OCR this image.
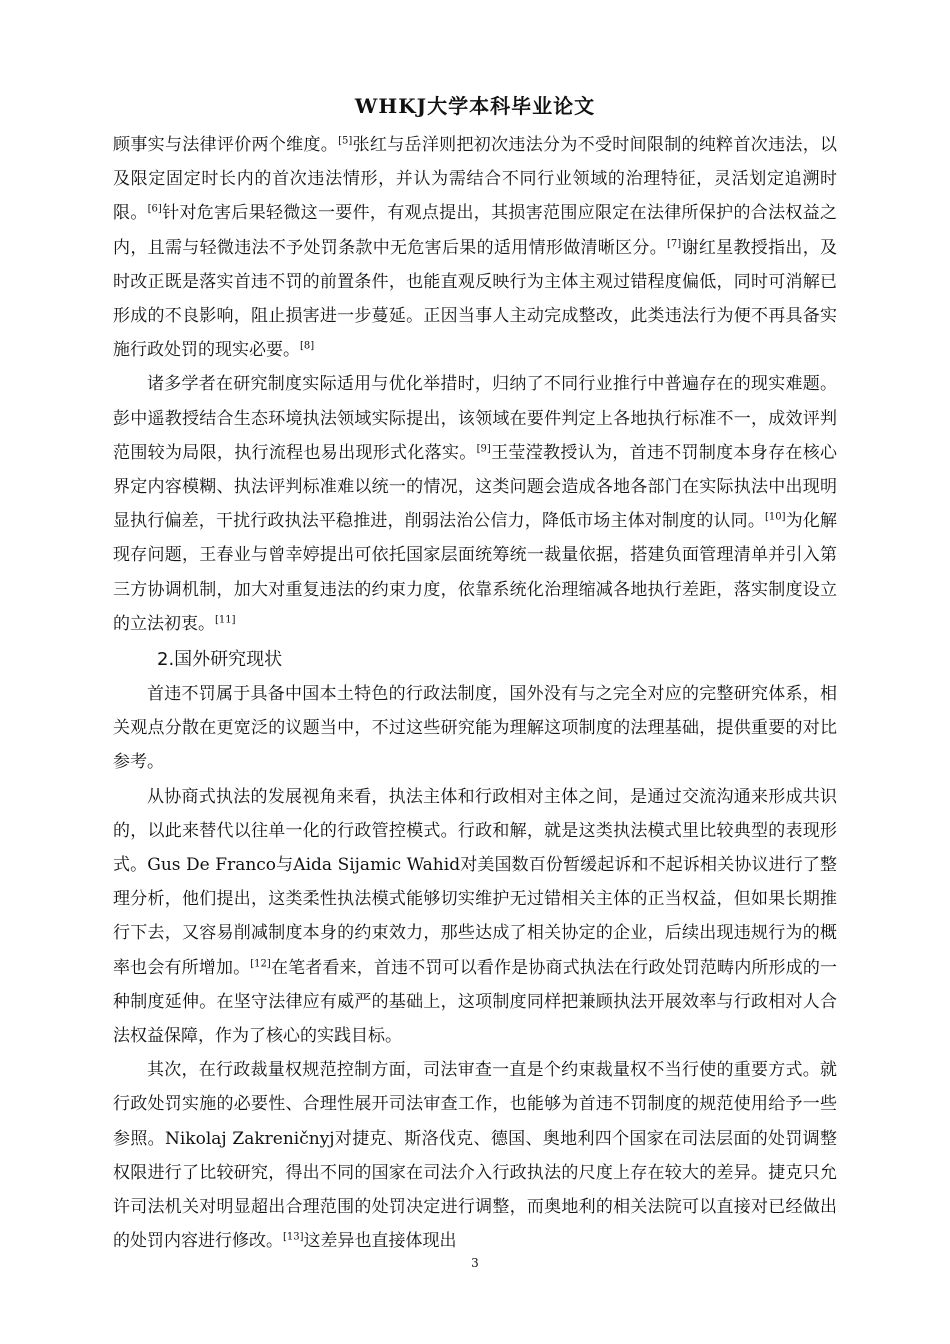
WHKJ大学本科毕业论文

顾事实与法律评价两个维度。[5]张红与岳洋则把初次违法分为不受时间限制的纯粹首次违法，以及限定固定时长内的首次违法情形，并认为需结合不同行业领域的治理特征，灵活划定追溯时限。[6]针对危害后果轻微这一要件，有观点提出，其损害范围应限定在法律所保护的合法权益之内，且需与轻微违法不予处罚条款中无危害后果的适用情形做清晰区分。[7]谢红星教授指出，及时改正既是落实首违不罚的前置条件，也能直观反映行为主体主观过错程度偏低，同时可消解已形成的不良影响，阻止损害进一步蔓延。正因当事人主动完成整改，此类违法行为便不再具备实施行政处罚的现实必要。[8]

诸多学者在研究制度实际适用与优化举措时，归纳了不同行业推行中普遍存在的现实难题。彭中遥教授结合生态环境执法领域实际提出，该领域在要件判定上各地执行标准不一，成效评判范围较为局限，执行流程也易出现形式化落实。[9]王莹滢教授认为，首违不罚制度本身存在核心界定内容模糊、执法评判标准难以统一的情况，这类问题会造成各地各部门在实际执法中出现明显执行偏差，干扰行政执法平稳推进，削弱法治公信力，降低市场主体对制度的认同。[10]为化解现存问题，王春业与曾幸婷提出可依托国家层面统筹统一裁量依据，搭建负面管理清单并引入第三方协调机制，加大对重复违法的约束力度，依靠系统化治理缩减各地执行差距，落实制度设立的立法初衷。[11]

2.国外研究现状

首违不罚属于具备中国本土特色的行政法制度，国外没有与之完全对应的完整研究体系，相关观点分散在更宽泛的议题当中，不过这些研究能为理解这项制度的法理基础，提供重要的对比参考。

从协商式执法的发展视角来看，执法主体和行政相对主体之间，是通过交流沟通来形成共识的，以此来替代以往单一化的行政管控模式。行政和解，就是这类执法模式里比较典型的表现形式。Gus De Franco与Aida Sijamic Wahid对美国数百份暂缓起诉和不起诉相关协议进行了整理分析，他们提出，这类柔性执法模式能够切实维护无过错相关主体的正当权益，但如果长期推行下去，又容易削减制度本身的约束效力，那些达成了相关协定的企业，后续出现违规行为的概率也会有所增加。[12]在笔者看来，首违不罚可以看作是协商式执法在行政处罚范畴内所形成的一种制度延伸。在坚守法律应有威严的基础上，这项制度同样把兼顾执法开展效率与行政相对人合法权益保障，作为了核心的实践目标。

其次，在行政裁量权规范控制方面，司法审查一直是个约束裁量权不当行使的重要方式。就行政处罚实施的必要性、合理性展开司法审查工作，也能够为首违不罚制度的规范使用给予一些参照。Nikolaj Zakreničnyj对捷克、斯洛伐克、德国、奥地利四个国家在司法层面的处罚调整权限进行了比较研究，得出不同的国家在司法介入行政执法的尺度上存在较大的差异。捷克只允许司法机关对明显超出合理范围的处罚决定进行调整，而奥地利的相关法院可以直接对已经做出的处罚内容进行修改。[13]这差异也直接体现出

3
